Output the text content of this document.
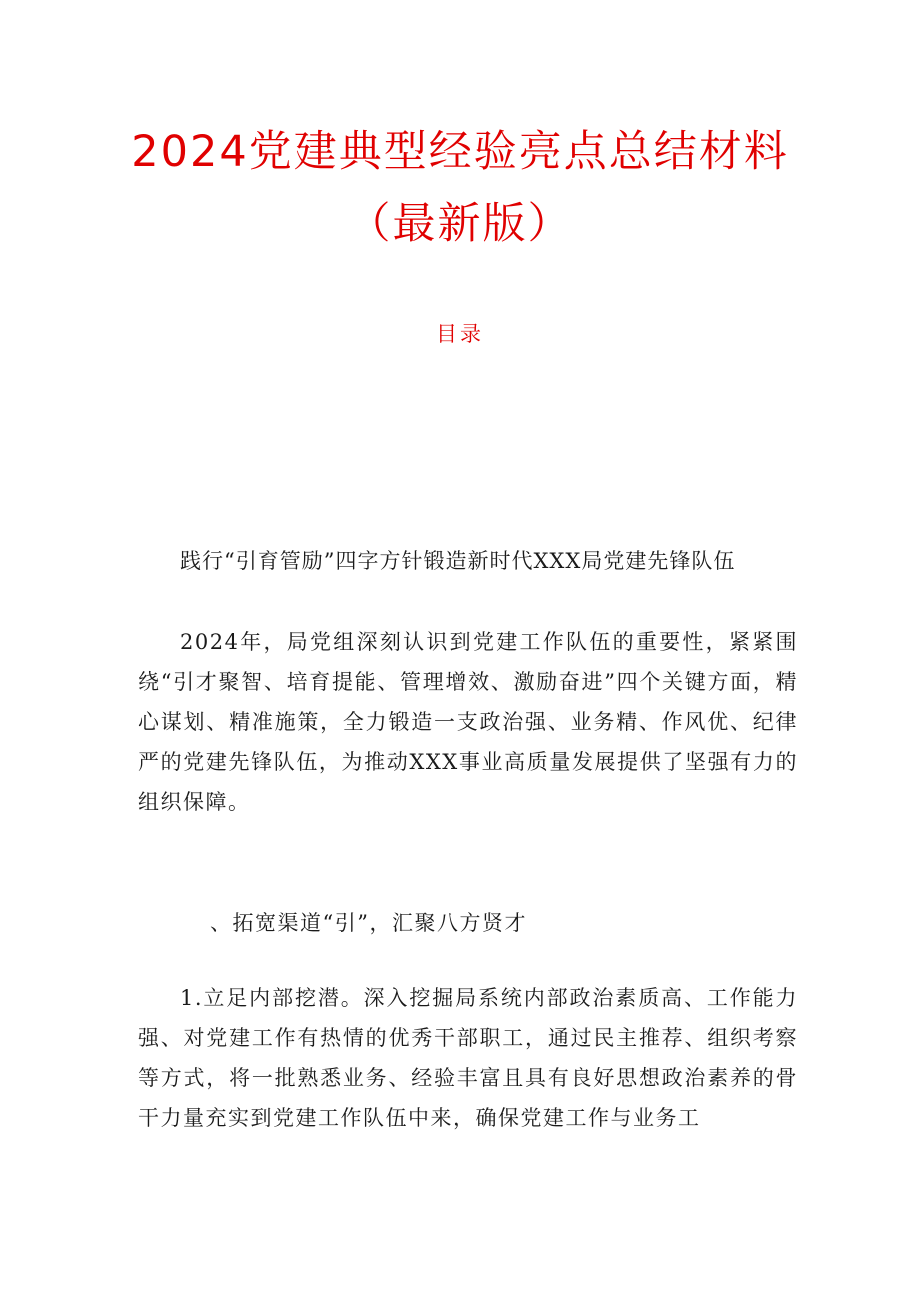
2024党建典型经验亮点总结材料
（最新版）
目录
践行“引育管励”四字方针锻造新时代XXX局党建先锋队伍

2024年，局党组深刻认识到党建工作队伍的重要性，紧紧围绕“引才聚智、培育提能、管理增效、激励奋进”四个关键方面，精心谋划、精准施策，全力锻造一支政治强、业务精、作风优、纪律严的党建先锋队伍，为推动XXX事业高质量发展提供了坚强有力的组织保障。

、拓宽渠道“引”，汇聚八方贤才

1.立足内部挖潜。深入挖掘局系统内部政治素质高、工作能力强、对党建工作有热情的优秀干部职工，通过民主推荐、组织考察等方式，将一批熟悉业务、经验丰富且具有良好思想政治素养的骨干力量充实到党建工作队伍中来，确保党建工作与业务工
